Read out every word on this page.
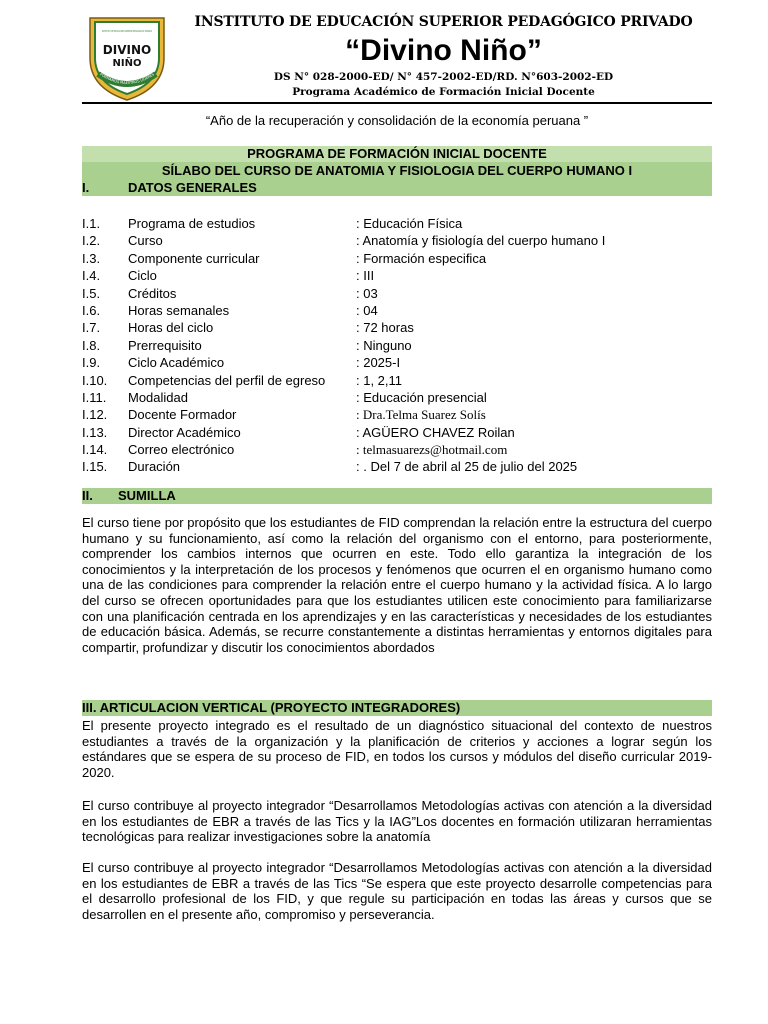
INSTITUTO DE EDUCACIÓN SUPERIOR
DIVINO
NIÑO
FORMAMOS MAESTROS LÍDERES
INSTITUTO DE EDUCACIÓN SUPERIOR PEDAGÓGICO PRIVADO
“Divino Niño”
DS N° 028-2000-ED/ N° 457-2002-ED/RD. N°603-2002-ED
Programa Académico de Formación Inicial Docente
“Año de la recuperación y consolidación de la economía peruana ”
PROGRAMA DE FORMACIÓN INICIAL DOCENTE
SÍLABO DEL CURSO DE ANATOMIA Y FISIOLOGIA DEL CUERPO HUMANO I
I.	DATOS GENERALES
I.1. Programa de estudios	: Educación Física
I.2. Curso	: Anatomía y fisiología del cuerpo humano I
I.3. Componente curricular	: Formación especifica
I.4. Ciclo	: III
I.5. Créditos	: 03
I.6. Horas semanales	: 04
I.7. Horas del ciclo	: 72 horas
I.8. Prerrequisito	: Ninguno
I.9. Ciclo Académico	: 2025-I
I.10. Competencias del perfil de egreso : 1, 2,11
I.11. Modalidad	: Educación presencial
I.12. Docente Formador	: Dra.Telma Suarez Solís
I.13. Director Académico	: AGÜERO CHAVEZ Roilan
I.14. Correo electrónico	: telmasuarezs@hotmail.com
I.15. Duración	: . Del 7 de abril al 25 de julio del 2025
II. SUMILLA
El curso tiene por propósito que los estudiantes de FID comprendan la relación entre la estructura del cuerpo humano y su funcionamiento, así como la relación del organismo con el entorno, para posteriormente, comprender los cambios internos que ocurren en este. Todo ello garantiza la integración de los conocimientos y la interpretación de los procesos y fenómenos que ocurren el en organismo humano como una de las condiciones para comprender la relación entre el cuerpo humano y la actividad física. A lo largo del curso se ofrecen oportunidades para que los estudiantes utilicen este conocimiento para familiarizarse con una planificación centrada en los aprendizajes y en las características y necesidades de los estudiantes de educación básica. Además, se recurre constantemente a distintas herramientas y entornos digitales para compartir, profundizar y discutir los conocimientos abordados
III. ARTICULACION VERTICAL (PROYECTO INTEGRADORES)
El presente proyecto integrado es el resultado de un diagnóstico situacional del contexto de nuestros estudiantes a través de la organización y la planificación de criterios y acciones a lograr según los estándares que se espera de su proceso de FID, en todos los cursos y módulos del diseño curricular 2019-2020.
El curso contribuye al proyecto integrador “Desarrollamos Metodologías activas con atención a la diversidad en los estudiantes de EBR a través de las Tics y la IAG”Los docentes en formación utilizaran herramientas tecnológicas para realizar investigaciones sobre la anatomía
El curso contribuye al proyecto integrador “Desarrollamos Metodologías activas con atención a la diversidad en los estudiantes de EBR a través de las Tics “Se espera que este proyecto desarrolle competencias para el desarrollo profesional de los FID, y que regule su participación en todas las áreas y cursos que se desarrollen en el presente año, compromiso y perseverancia.
